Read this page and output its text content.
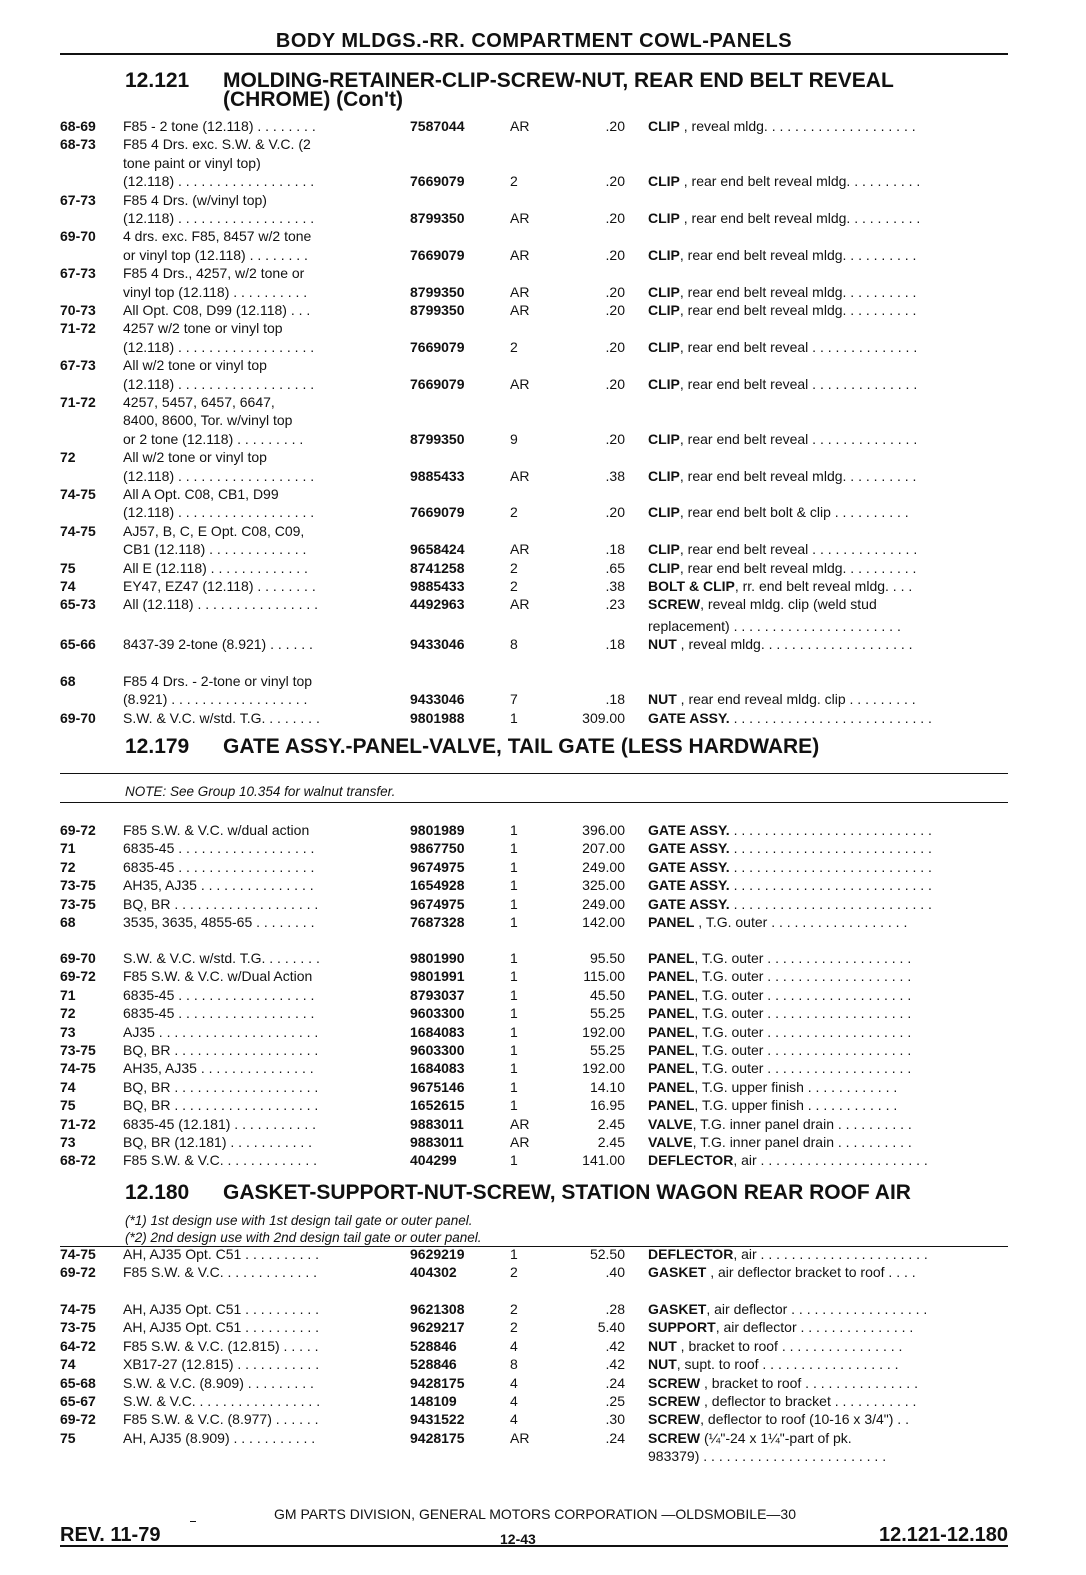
BODY MLDGS.-RR. COMPARTMENT COWL-PANELS
12.121 MOLDING-RETAINER-CLIP-SCREW-NUT, REAR END BELT REVEAL
(CHROME) (Con't)
12.179 GATE ASSY.-PANEL-VALVE, TAIL GATE (LESS HARDWARE)
NOTE: See Group 10.354 for walnut transfer.
12.180 GASKET-SUPPORT-NUT-SCREW, STATION WAGON REAR ROOF AIR
(*1) 1st design use with 1st design tail gate or outer panel.
(*2) 2nd design use with 2nd design tail gate or outer panel.
68-69 F85 - 2 tone (12.118) . . . . . . . .	7587044	AR	.20 CLIP , reveal mldg. . . . . . . . . . . . . . . . . . . .
68-73 F85 4 Drs. exc. S.W. & V.C. (2
tone paint or vinyl top)
(12.118) . . . . . . . . . . . . . . . . . .	7669079	2	.20 CLIP , rear end belt reveal mldg. . . . . . . . . .
67-73 F85 4 Drs. (w/vinyl top)
(12.118) . . . . . . . . . . . . . . . . . .	8799350	AR	.20 CLIP , rear end belt reveal mldg. . . . . . . . . .
69-70 4 drs. exc. F85, 8457 w/2 tone
or vinyl top (12.118) . . . . . . . .	7669079	AR	.20 CLIP, rear end belt reveal mldg. . . . . . . . . .
67-73 F85 4 Drs., 4257, w/2 tone or
vinyl top (12.118) . . . . . . . . . .	8799350	AR	.20 CLIP, rear end belt reveal mldg. . . . . . . . . .
70-73 All Opt. C08, D99 (12.118) . . .	8799350	AR	.20 CLIP, rear end belt reveal mldg. . . . . . . . . .
71-72 4257 w/2 tone or vinyl top
(12.118) . . . . . . . . . . . . . . . . . .	7669079	2	.20 CLIP, rear end belt reveal . . . . . . . . . . . . . .
67-73 All w/2 tone or vinyl top
(12.118) . . . . . . . . . . . . . . . . . .	7669079	AR	.20 CLIP, rear end belt reveal . . . . . . . . . . . . . .
71-72 4257, 5457, 6457, 6647,
8400, 8600, Tor. w/vinyl top
or 2 tone (12.118) . . . . . . . . .	8799350	9	.20 CLIP, rear end belt reveal . . . . . . . . . . . . . .
72	All w/2 tone or vinyl top
(12.118) . . . . . . . . . . . . . . . . . .	9885433	AR	.38 CLIP, rear end belt reveal mldg. . . . . . . . . .
74-75 All A Opt. C08, CB1, D99
(12.118) . . . . . . . . . . . . . . . . . .	7669079	2	.20 CLIP, rear end belt bolt & clip . . . . . . . . . .
74-75 AJ57, B, C, E Opt. C08, C09,
CB1 (12.118) . . . . . . . . . . . . .	9658424	AR	.18 CLIP, rear end belt reveal . . . . . . . . . . . . . .
75	All E (12.118) . . . . . . . . . . . . .	8741258	2	.65 CLIP, rear end belt reveal mldg. . . . . . . . . .
74	EY47, EZ47 (12.118) . . . . . . . .	9885433	2	.38 BOLT & CLIP, rr. end belt reveal mldg. . . .
65-73 All (12.118) . . . . . . . . . . . . . . . .	4492963	AR	.23 SCREW, reveal mldg. clip (weld stud
replacement) . . . . . . . . . . . . . . . . . . . . . .
65-66 8437-39 2-tone (8.921) . . . . . .	9433046	8	.18 NUT , reveal mldg. . . . . . . . . . . . . . . . . . . .
68	F85 4 Drs. - 2-tone or vinyl top
(8.921) . . . . . . . . . . . . . . . . . .	9433046	7	.18 NUT , rear end reveal mldg. clip . . . . . . . . .
69-70 S.W. & V.C. w/std. T.G. . . . . . . .	9801988	1	309.00 GATE ASSY. . . . . . . . . . . . . . . . . . . . . . . . . . .
69-72 F85 S.W. & V.C. w/dual action	9801989	1	396.00 GATE ASSY. . . . . . . . . . . . . . . . . . . . . . . . . . .
71	6835-45 . . . . . . . . . . . . . . . . . .	9867750	1	207.00 GATE ASSY. . . . . . . . . . . . . . . . . . . . . . . . . . .
72	6835-45 . . . . . . . . . . . . . . . . . .	9674975	1	249.00 GATE ASSY. . . . . . . . . . . . . . . . . . . . . . . . . . .
73-75 AH35, AJ35 . . . . . . . . . . . . . . .	1654928	1	325.00 GATE ASSY. . . . . . . . . . . . . . . . . . . . . . . . . . .
73-75 BQ, BR . . . . . . . . . . . . . . . . . . .	9674975	1	249.00 GATE ASSY. . . . . . . . . . . . . . . . . . . . . . . . . . .
68	3535, 3635, 4855-65 . . . . . . . .	7687328	1	142.00 PANEL , T.G. outer . . . . . . . . . . . . . . . . . .
69-70 S.W. & V.C. w/std. T.G. . . . . . . .	9801990	1	95.50 PANEL, T.G. outer . . . . . . . . . . . . . . . . . . .
69-72 F85 S.W. & V.C. w/Dual Action	9801991	1	115.00 PANEL, T.G. outer . . . . . . . . . . . . . . . . . . .
71	6835-45 . . . . . . . . . . . . . . . . . .	8793037	1	45.50 PANEL, T.G. outer . . . . . . . . . . . . . . . . . . .
72	6835-45 . . . . . . . . . . . . . . . . . .	9603300	1	55.25 PANEL, T.G. outer . . . . . . . . . . . . . . . . . . .
73	AJ35 . . . . . . . . . . . . . . . . . . . . .	1684083	1	192.00 PANEL, T.G. outer . . . . . . . . . . . . . . . . . . .
73-75 BQ, BR . . . . . . . . . . . . . . . . . . .	9603300	1	55.25 PANEL, T.G. outer . . . . . . . . . . . . . . . . . . .
74-75 AH35, AJ35 . . . . . . . . . . . . . . .	1684083	1	192.00 PANEL, T.G. outer . . . . . . . . . . . . . . . . . . .
74	BQ, BR . . . . . . . . . . . . . . . . . . .	9675146	1	14.10 PANEL, T.G. upper finish . . . . . . . . . . . .
75	BQ, BR . . . . . . . . . . . . . . . . . . .	1652615	1	16.95 PANEL, T.G. upper finish . . . . . . . . . . . .
71-72 6835-45 (12.181) . . . . . . . . . . .	9883011	AR	2.45 VALVE, T.G. inner panel drain . . . . . . . . . .
73	BQ, BR (12.181) . . . . . . . . . . .	9883011	AR	2.45 VALVE, T.G. inner panel drain . . . . . . . . . .
68-72 F85 S.W. & V.C. . . . . . . . . . . . .	404299	1	141.00 DEFLECTOR, air . . . . . . . . . . . . . . . . . . . . . .
74-75 AH, AJ35 Opt. C51 . . . . . . . . . .	9629219	1	52.50 DEFLECTOR, air . . . . . . . . . . . . . . . . . . . . . .
69-72 F85 S.W. & V.C. . . . . . . . . . . . .	404302	2	.40 GASKET , air deflector bracket to roof . . . .
74-75 AH, AJ35 Opt. C51 . . . . . . . . . .	9621308	2	.28 GASKET, air deflector . . . . . . . . . . . . . . . . . .
73-75 AH, AJ35 Opt. C51 . . . . . . . . . .	9629217	2	5.40 SUPPORT, air deflector . . . . . . . . . . . . . . .
64-72 F85 S.W. & V.C. (12.815) . . . . .	528846	4	.42 NUT , bracket to roof . . . . . . . . . . . . . . . .
74	XB17-27 (12.815) . . . . . . . . . . .	528846	8	.42 NUT, supt. to roof . . . . . . . . . . . . . . . . . .
65-68 S.W. & V.C. (8.909) . . . . . . . . .	9428175	4	.24 SCREW , bracket to roof . . . . . . . . . . . . . . .
65-67 S.W. & V.C. . . . . . . . . . . . . . . . .	148109	4	.25 SCREW , deflector to bracket . . . . . . . . . . .
69-72 F85 S.W. & V.C. (8.977) . . . . . .	9431522	4	.30 SCREW, deflector to roof (10-16 x 3/4") . .
75	AH, AJ35 (8.909) . . . . . . . . . . .	9428175	AR	.24 SCREW (¼"-24 x 1¼"-part of pk.
983379) . . . . . . . . . . . . . . . . . . . . . . . .
GM PARTS DIVISION, GENERAL MOTORS CORPORATION —OLDSMOBILE—30
REV. 11-79	12-43	12.121-12.180
